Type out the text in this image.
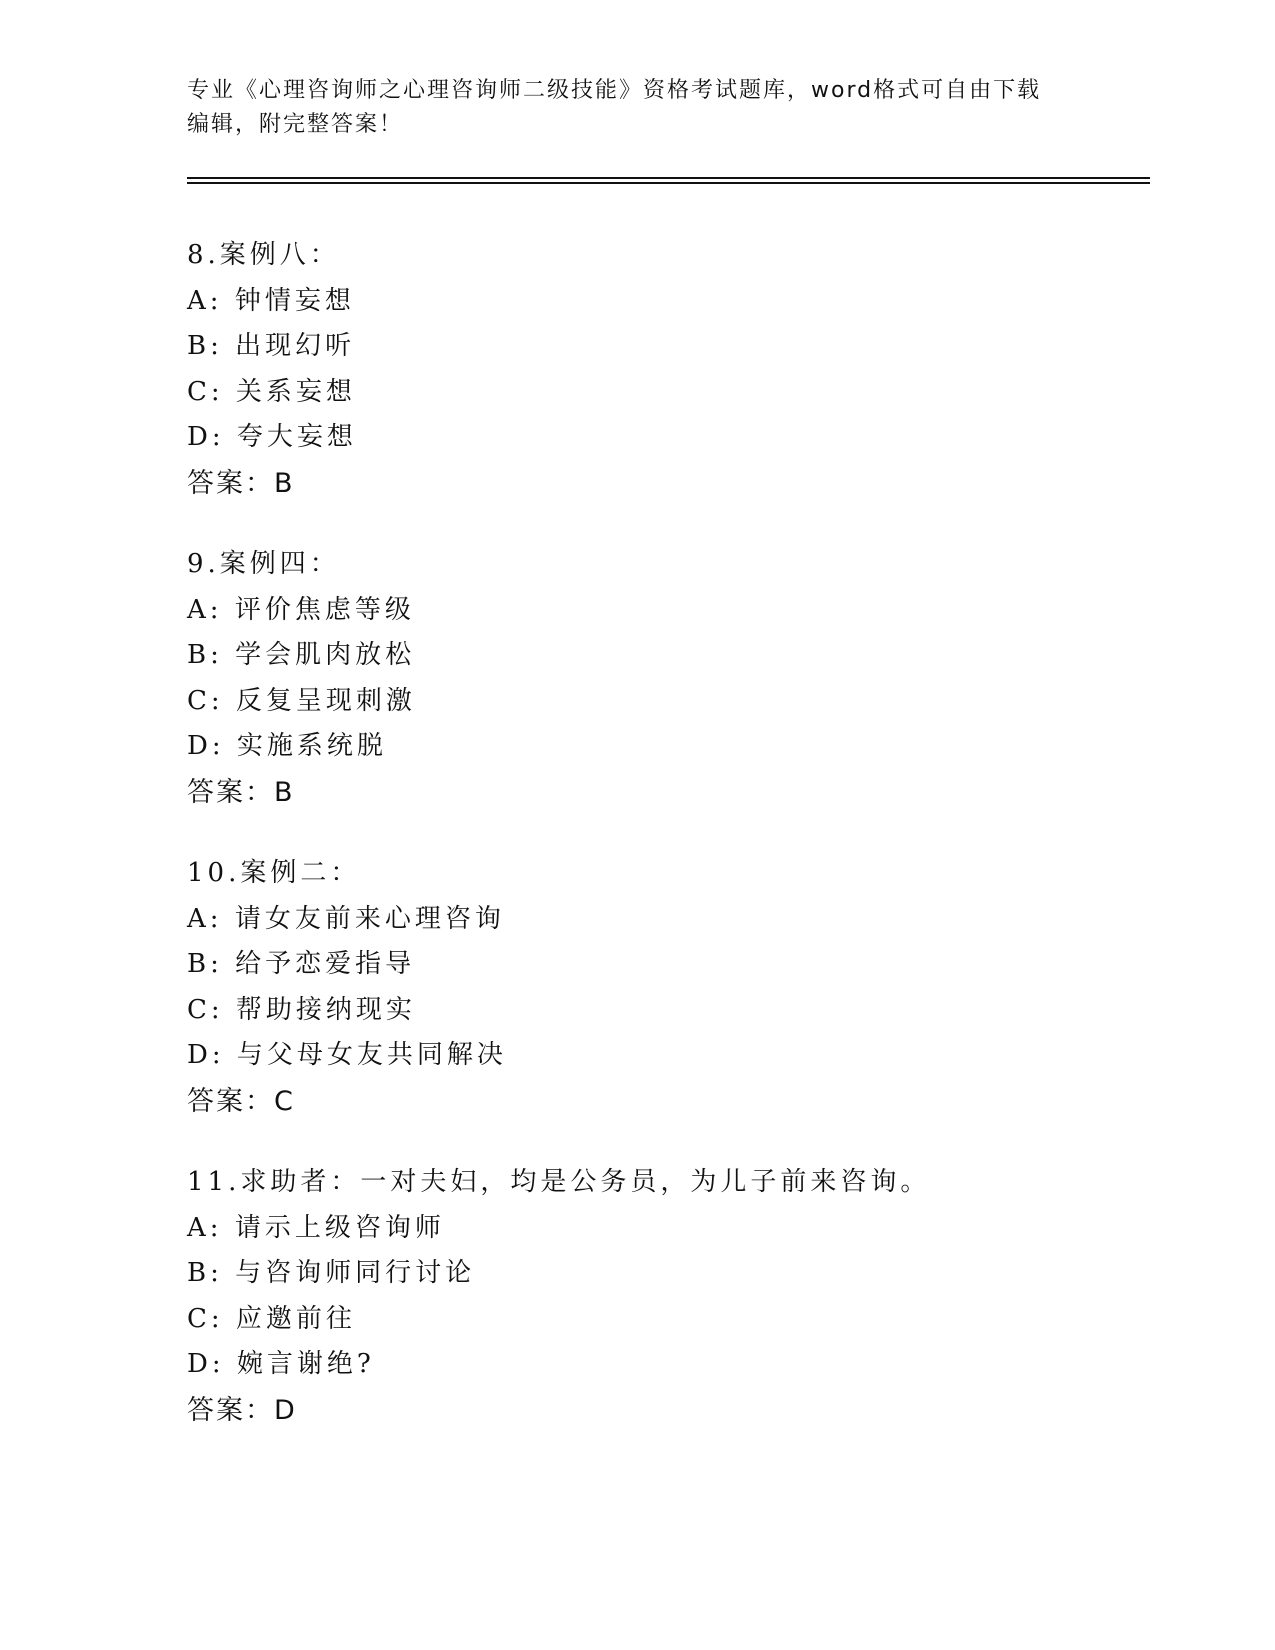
专业《心理咨询师之心理咨询师二级技能》资格考试题库，word格式可自由下载
编辑，附完整答案！
8.案例八：
A: 钟情妄想
B: 出现幻听
C: 关系妄想
D: 夸大妄想
答案：B
9.案例四：
A: 评价焦虑等级
B: 学会肌肉放松
C: 反复呈现刺激
D: 实施系统脱
答案：B
10.案例二：
A: 请女友前来心理咨询
B: 给予恋爱指导
C: 帮助接纳现实
D: 与父母女友共同解决
答案：C
11.求助者：一对夫妇，均是公务员，为儿子前来咨询。
A: 请示上级咨询师
B: 与咨询师同行讨论
C: 应邀前往
D: 婉言谢绝?
答案：D
